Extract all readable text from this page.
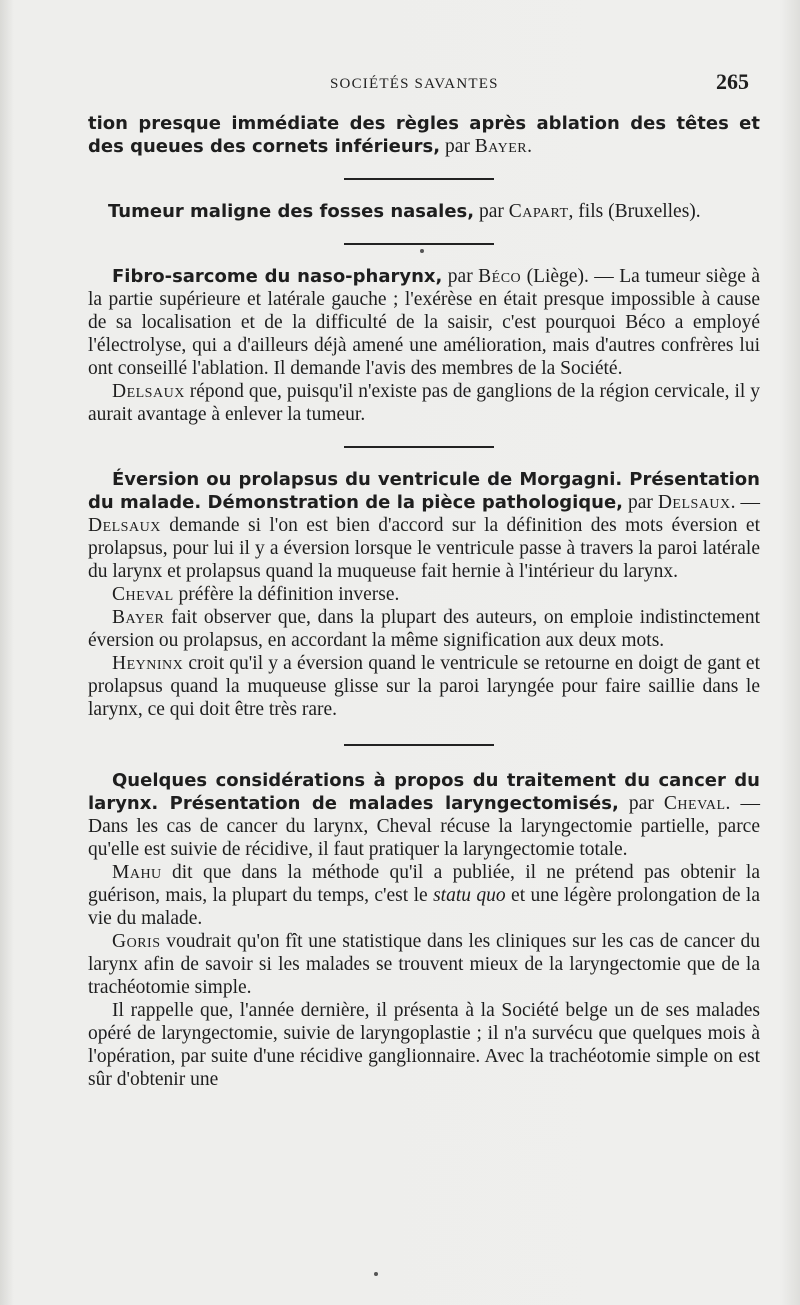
SOCIÉTÉS SAVANTES	265

tion presque immédiate des règles après ablation des têtes et des queues des cornets inférieurs, par Bayer.

Tumeur maligne des fosses nasales, par Capart, fils (Bruxelles).

Fibro-sarcome du naso-pharynx, par Béco (Liège). — La tumeur siège à la partie supérieure et latérale gauche ; l'exérèse en était presque impossible à cause de sa localisation et de la difficulté de la saisir, c'est pourquoi Béco a employé l'électrolyse, qui a d'ailleurs déjà amené une amélioration, mais d'autres confrères lui ont conseillé l'ablation. Il demande l'avis des membres de la Société.

Delsaux répond que, puisqu'il n'existe pas de ganglions de la région cervicale, il y aurait avantage à enlever la tumeur.

Éversion ou prolapsus du ventricule de Morgagni. Présentation du malade. Démonstration de la pièce pathologique, par Delsaux. — Delsaux demande si l'on est bien d'accord sur la définition des mots éversion et prolapsus, pour lui il y a éversion lorsque le ventricule passe à travers la paroi latérale du larynx et prolapsus quand la muqueuse fait hernie à l'intérieur du larynx.

Cheval préfère la définition inverse.

Bayer fait observer que, dans la plupart des auteurs, on emploie indistinctement éversion ou prolapsus, en accordant la même signification aux deux mots.

Heyninx croit qu'il y a éversion quand le ventricule se retourne en doigt de gant et prolapsus quand la muqueuse glisse sur la paroi laryngée pour faire saillie dans le larynx, ce qui doit être très rare.

Quelques considérations à propos du traitement du cancer du larynx. Présentation de malades laryngectomisés, par Cheval. — Dans les cas de cancer du larynx, Cheval récuse la laryngectomie partielle, parce qu'elle est suivie de récidive, il faut pratiquer la laryngectomie totale.

Mahu dit que dans la méthode qu'il a publiée, il ne prétend pas obtenir la guérison, mais, la plupart du temps, c'est le statu quo et une légère prolongation de la vie du malade.

Goris voudrait qu'on fît une statistique dans les cliniques sur les cas de cancer du larynx afin de savoir si les malades se trouvent mieux de la laryngectomie que de la trachéotomie simple.

Il rappelle que, l'année dernière, il présenta à la Société belge un de ses malades opéré de laryngectomie, suivie de laryngoplastie ; il n'a survécu que quelques mois à l'opération, par suite d'une récidive ganglionnaire. Avec la trachéotomie simple on est sûr d'obtenir une
